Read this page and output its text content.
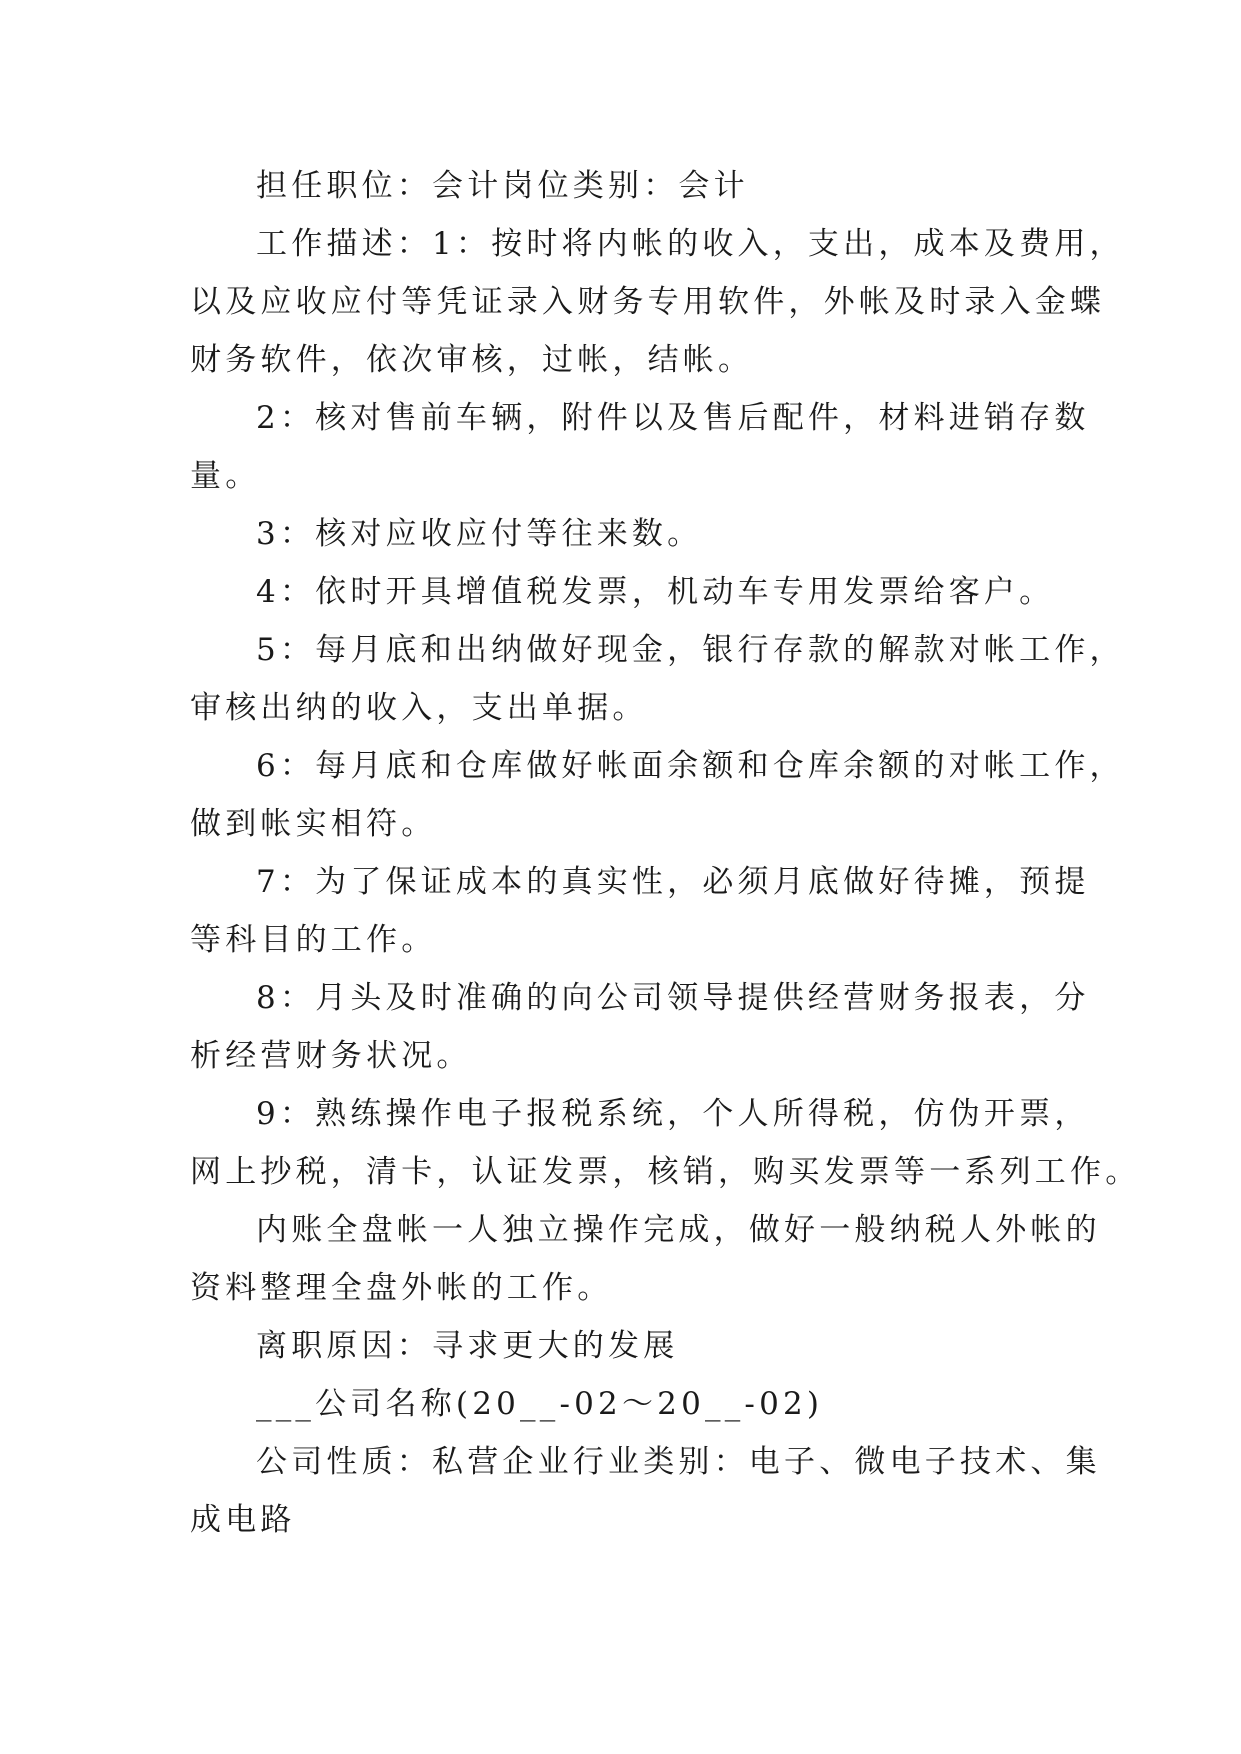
担任职位：会计岗位类别：会计
工作描述：1：按时将内帐的收入，支出，成本及费用，
以及应收应付等凭证录入财务专用软件，外帐及时录入金蝶
财务软件，依次审核，过帐，结帐。
2：核对售前车辆，附件以及售后配件，材料进销存数
量。
3：核对应收应付等往来数。
4：依时开具增值税发票，机动车专用发票给客户。
5：每月底和出纳做好现金，银行存款的解款对帐工作，
审核出纳的收入，支出单据。
6：每月底和仓库做好帐面余额和仓库余额的对帐工作，
做到帐实相符。
7：为了保证成本的真实性，必须月底做好待摊，预提
等科目的工作。
8：月头及时准确的向公司领导提供经营财务报表，分
析经营财务状况。
9：熟练操作电子报税系统，个人所得税，仿伪开票，
网上抄税，清卡，认证发票，核销，购买发票等一系列工作。
内账全盘帐一人独立操作完成，做好一般纳税人外帐的
资料整理全盘外帐的工作。
离职原因：寻求更大的发展
___公司名称(20__-02～20__-02)
公司性质：私营企业行业类别：电子、微电子技术、集
成电路
